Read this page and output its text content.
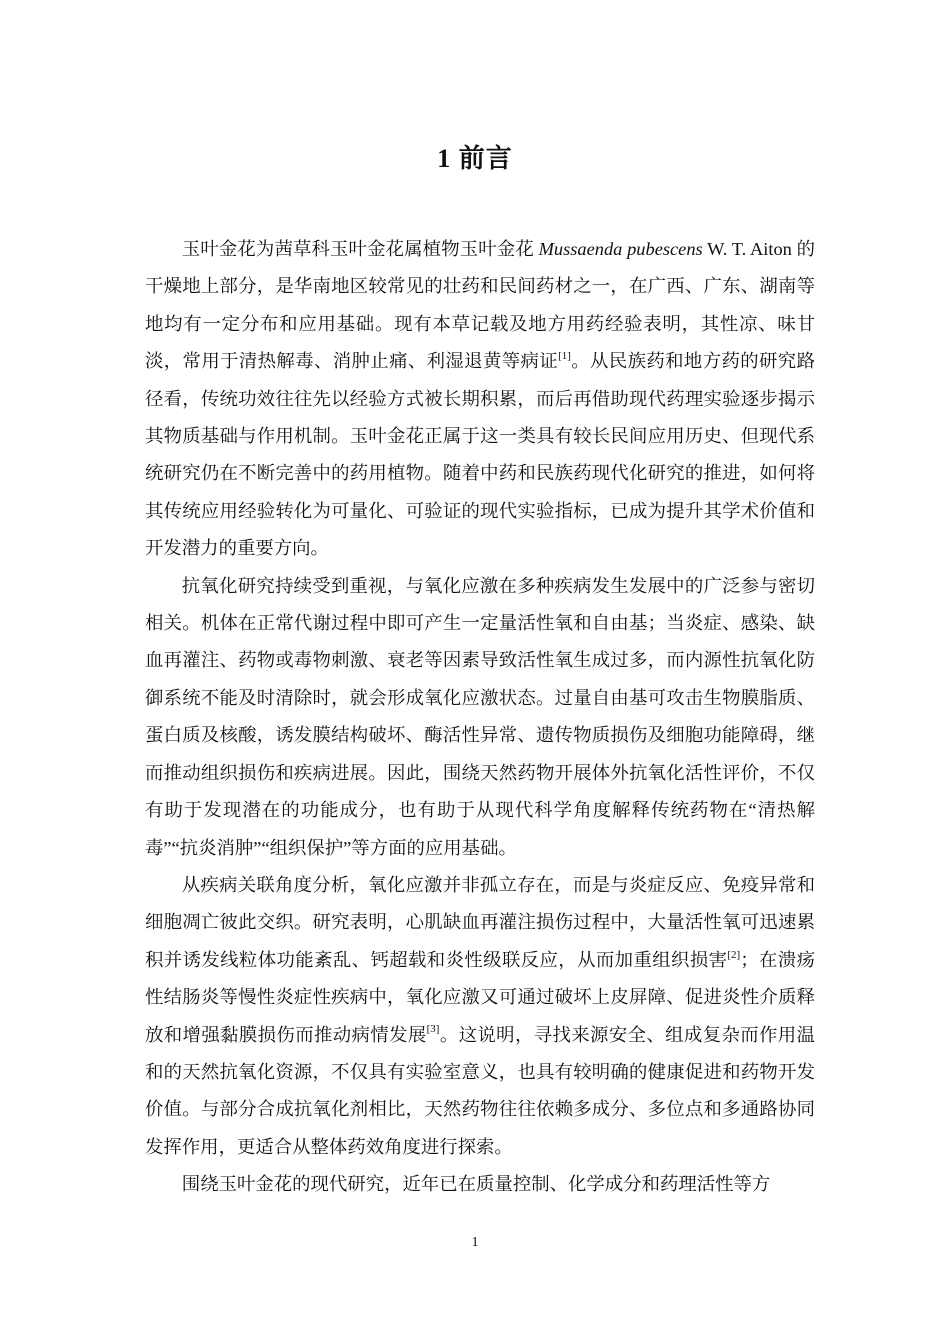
1 前言

玉叶金花为茜草科玉叶金花属植物玉叶金花 Mussaenda pubescens W. T. Aiton 的干燥地上部分，是华南地区较常见的壮药和民间药材之一，在广西、广东、湖南等地均有一定分布和应用基础。现有本草记载及地方用药经验表明，其性凉、味甘淡，常用于清热解毒、消肿止痛、利湿退黄等病证[1]。从民族药和地方药的研究路径看，传统功效往往先以经验方式被长期积累，而后再借助现代药理实验逐步揭示其物质基础与作用机制。玉叶金花正属于这一类具有较长民间应用历史、但现代系统研究仍在不断完善中的药用植物。随着中药和民族药现代化研究的推进，如何将其传统应用经验转化为可量化、可验证的现代实验指标，已成为提升其学术价值和开发潜力的重要方向。

抗氧化研究持续受到重视，与氧化应激在多种疾病发生发展中的广泛参与密切相关。机体在正常代谢过程中即可产生一定量活性氧和自由基；当炎症、感染、缺血再灌注、药物或毒物刺激、衰老等因素导致活性氧生成过多，而内源性抗氧化防御系统不能及时清除时，就会形成氧化应激状态。过量自由基可攻击生物膜脂质、蛋白质及核酸，诱发膜结构破坏、酶活性异常、遗传物质损伤及细胞功能障碍，继而推动组织损伤和疾病进展。因此，围绕天然药物开展体外抗氧化活性评价，不仅有助于发现潜在的功能成分，也有助于从现代科学角度解释传统药物在“清热解毒”“抗炎消肿”“组织保护”等方面的应用基础。

从疾病关联角度分析，氧化应激并非孤立存在，而是与炎症反应、免疫异常和细胞凋亡彼此交织。研究表明，心肌缺血再灌注损伤过程中，大量活性氧可迅速累积并诱发线粒体功能紊乱、钙超载和炎性级联反应，从而加重组织损害[2]；在溃疡性结肠炎等慢性炎症性疾病中，氧化应激又可通过破坏上皮屏障、促进炎性介质释放和增强黏膜损伤而推动病情发展[3]。这说明，寻找来源安全、组成复杂而作用温和的天然抗氧化资源，不仅具有实验室意义，也具有较明确的健康促进和药物开发价值。与部分合成抗氧化剂相比，天然药物往往依赖多成分、多位点和多通路协同发挥作用，更适合从整体药效角度进行探索。

围绕玉叶金花的现代研究，近年已在质量控制、化学成分和药理活性等方

1
